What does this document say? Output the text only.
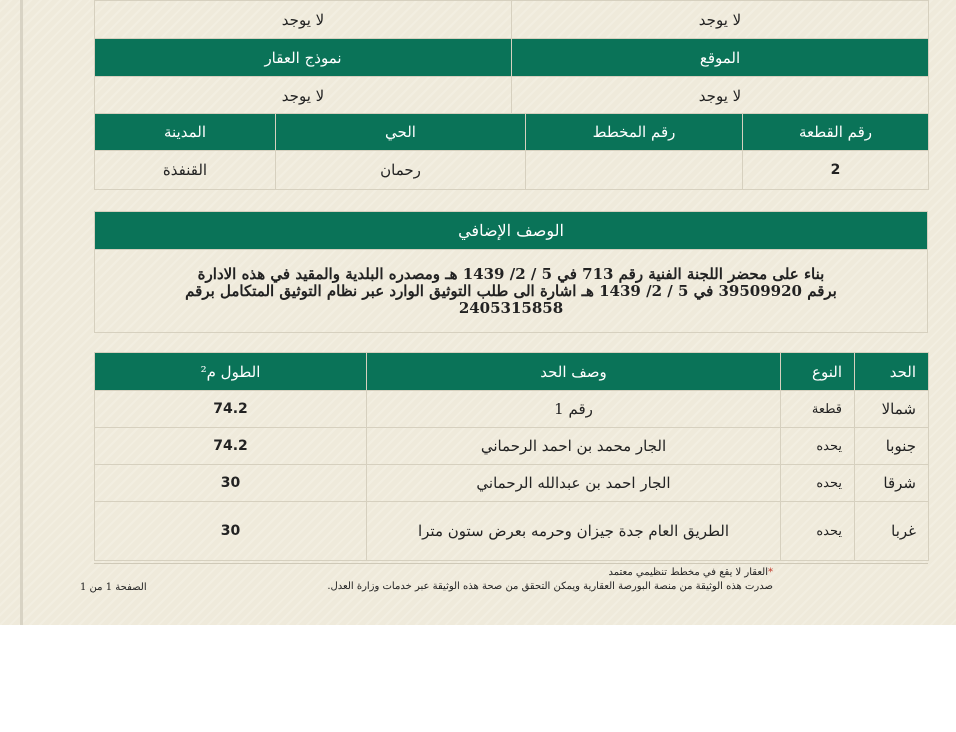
لا يوجد	لا يوجد
الموقع	نموذج العقار
لا يوجد	لا يوجد
رقم القطعة	رقم المخطط	الحي	المدينة
2		رحمان	القنفذة
الوصف الإضافي
بناء على محضر اللجنة الفنية رقم 713 في 5 / 2/ 1439 هـ ومصدره البلدية والمقيد في هذه الادارة برقم 39509920 في 5 / 2/ 1439 هـ اشارة الى طلب التوثيق الوارد عبر نظام التوثيق المتكامل برقم 2405315858
الحد	النوع	وصف الحد	الطول م²
شمالا	قطعة	رقم 1	74.2
جنوبا	يحده	الجار محمد بن احمد الرحماني	74.2
شرقا	يحده	الجار احمد بن عبدالله الرحماني	30
غربا	يحده	الطريق العام جدة جيزان وحرمه بعرض ستون مترا	30
*العقار لا يقع في مخطط تنظيمي معتمد
صدرت هذه الوثيقة من منصة البورصة العقارية ويمكن التحقق من صحة هذه الوثيقة عبر خدمات وزارة العدل.
الصفحة 1 من 1
